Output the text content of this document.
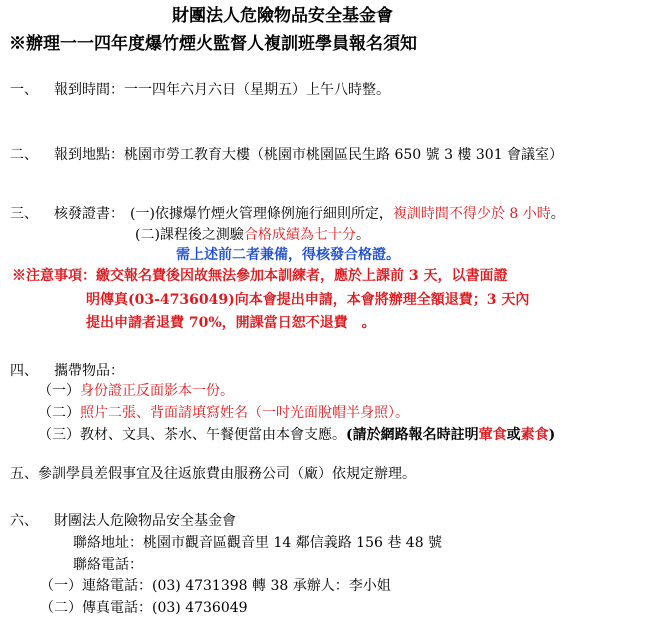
財團法人危險物品安全基金會
※辦理一一四年度爆竹煙火監督人複訓班學員報名須知
一、 報到時間：一一四年六月六日（星期五）上午八時整。
二、 報到地點：桃園市勞工教育大樓（桃園市桃園區民生路 650 號 3 樓 301 會議室）
三、 核發證書： (一)依據爆竹煙火管理條例施行細則所定，複訓時間不得少於 8 小時。
(二)課程後之測驗合格成績為七十分。
需上述前二者兼備，得核發合格證。
※注意事項：繳交報名費後因故無法參加本訓練者，應於上課前 3 天，以書面證
明傳真(03-4736049)向本會提出申請，本會將辦理全額退費；3 天內
提出申請者退費 70%，開課當日恕不退費　。
四、 攜帶物品：
（一）身份證正反面影本一份。
（二）照片二張、背面請填寫姓名（一吋光面脫帽半身照）。
（三）教材、文具、茶水、午餐便當由本會支應。(請於網路報名時註明葷食或素食)
五、 參訓學員差假事宜及往返旅費由服務公司（廠）依規定辦理。
六、 財團法人危險物品安全基金會
聯絡地址：桃園市觀音區觀音里 14 鄰信義路 156 巷 48 號
聯絡電話：
（一）連絡電話：(03) 4731398 轉 38 承辦人：李小姐
（二）傳真電話：(03) 4736049
